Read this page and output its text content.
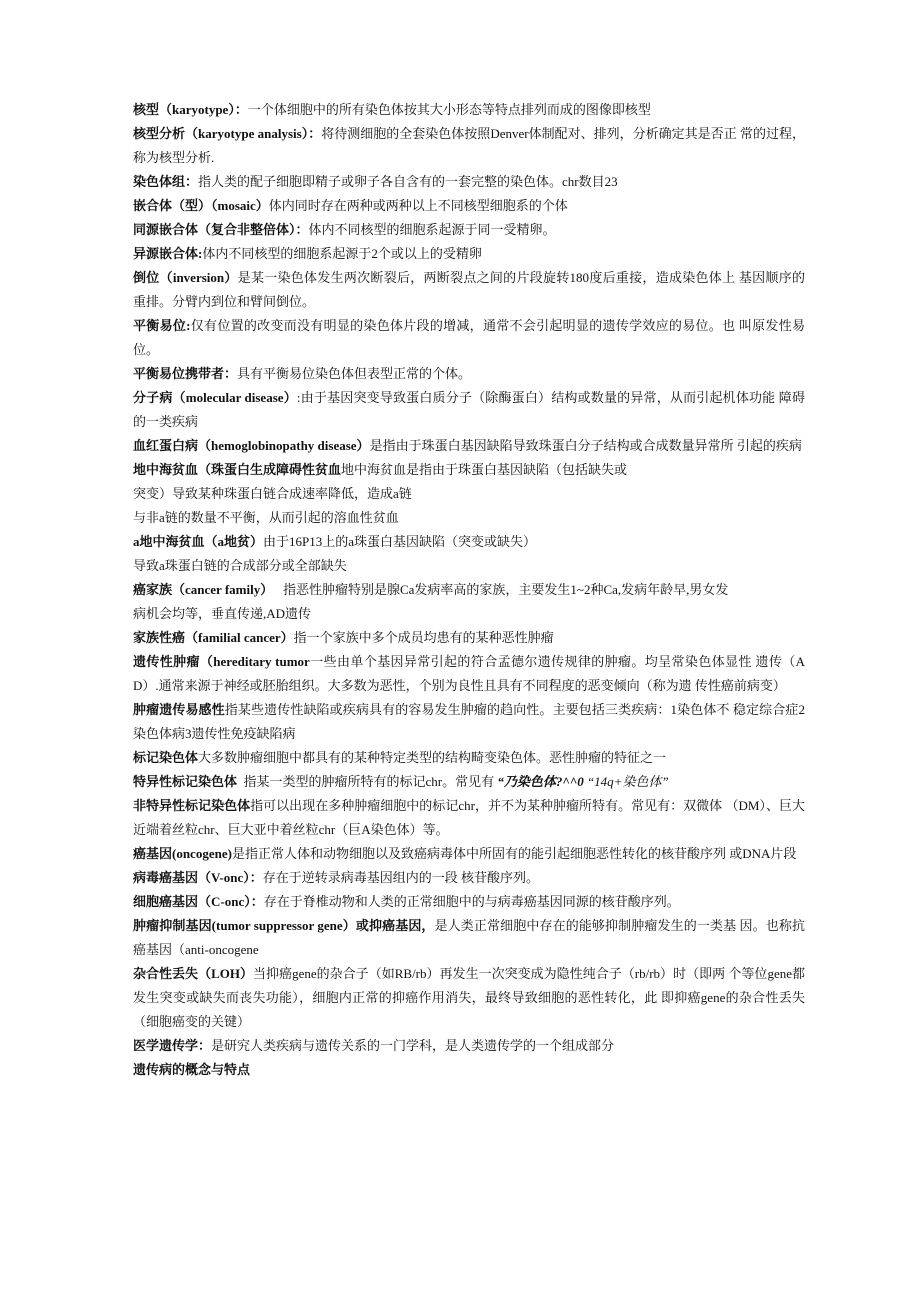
核型（karyotype）：一个体细胞中的所有染色体按其大小形态等特点排列而成的图像即核型

核型分析（karyotype analysis）：将待测细胞的全套染色体按照Denver体制配对、排列，分析确定其是否正 常的过程，称为核型分析.

染色体组：指人类的配子细胞即精子或卵子各自含有的一套完整的染色体。chr数目23

嵌合体（型）（mosaic）体内同时存在两种或两种以上不同核型细胞系的个体

同源嵌合体（复合非整倍体）：体内不同核型的细胞系起源于同一受精卵。

异源嵌合体:体内不同核型的细胞系起源于2个或以上的受精卵

倒位（inversion）是某一染色体发生两次断裂后，两断裂点之间的片段旋转180度后重接，造成染色体上 基因顺序的重排。分臂内到位和臂间倒位。

平衡易位:仅有位置的改变而没有明显的染色体片段的增减，通常不会引起明显的遗传学效应的易位。也 叫原发性易位。

平衡易位携带者：具有平衡易位染色体但表型正常的个体。

分子病（molecular disease）:由于基因突变导致蛋白质分子（除酶蛋白）结构或数量的异常，从而引起机体功能 障碍的一类疾病

血红蛋白病（hemoglobinopathy disease）是指由于珠蛋白基因缺陷导致珠蛋白分子结构或合成数量异常所 引起的疾病

地中海贫血（珠蛋白生成障碍性贫血地中海贫血是指由于珠蛋白基因缺陷（包括缺失或

突变）导致某种珠蛋白链合成速率降低，造成a链

与非a链的数量不平衡，从而引起的溶血性贫血

a地中海贫血（a地贫）由于16P13上的a珠蛋白基因缺陷（突变或缺失）

导致a珠蛋白链的合成部分或全部缺失

癌家族（cancer family）   指恶性肿瘤特别是腺Ca发病率高的家族，主要发生1~2种Ca,发病年龄早,男女发

病机会均等，垂直传递,AD遗传

家族性癌（familial cancer）指一个家族中多个成员均患有的某种恶性肿瘤

遗传性肿瘤（hereditary tumor一些由单个基因异常引起的符合孟德尔遗传规律的肿瘤。均呈常染色体显性 遗传（AD）.通常来源于神经或胚胎组织。大多数为恶性，个别为良性且具有不同程度的恶变倾向（称为遗 传性癌前病变）

肿瘤遗传易感性指某些遗传性缺陷或疾病具有的容易发生肿瘤的趋向性。主要包括三类疾病：1染色体不 稳定综合症2染色体病3遗传性免疫缺陷病

标记染色体大多数肿瘤细胞中都具有的某种特定类型的结构畸变染色体。恶性肿瘤的特征之一

特异性标记染色体  指某一类型的肿瘤所特有的标记chr。常见有 “乃染色体?^^0 “14q+染色体”

非特异性标记染色体指可以出现在多种肿瘤细胞中的标记chr，并不为某种肿瘤所特有。常见有：双微体 （DM）、巨大近端着丝粒chr、巨大亚中着丝粒chr（巨A染色体）等。

癌基因(oncogene)是指正常人体和动物细胞以及致癌病毒体中所固有的能引起细胞恶性转化的核苷酸序列 或DNA片段

病毒癌基因（V-onc）：存在于逆转录病毒基因组内的一段 核苷酸序列。

细胞癌基因（C-onc）：存在于脊椎动物和人类的正常细胞中的与病毒癌基因同源的核苷酸序列。

肿瘤抑制基因(tumor suppressor gene）或抑癌基因，是人类正常细胞中存在的能够抑制肿瘤发生的一类基 因。也称抗癌基因（anti-oncogene

杂合性丢失（LOH）当抑癌gene的杂合子（如RB/rb）再发生一次突变成为隐性纯合子（rb/rb）时（即两 个等位gene都发生突变或缺失而丧失功能），细胞内正常的抑癌作用消失，最终导致细胞的恶性转化，此 即抑癌gene的杂合性丢失（细胞癌变的关键）

医学遗传学：是研究人类疾病与遗传关系的一门学科，是人类遗传学的一个组成部分

遗传病的概念与特点
